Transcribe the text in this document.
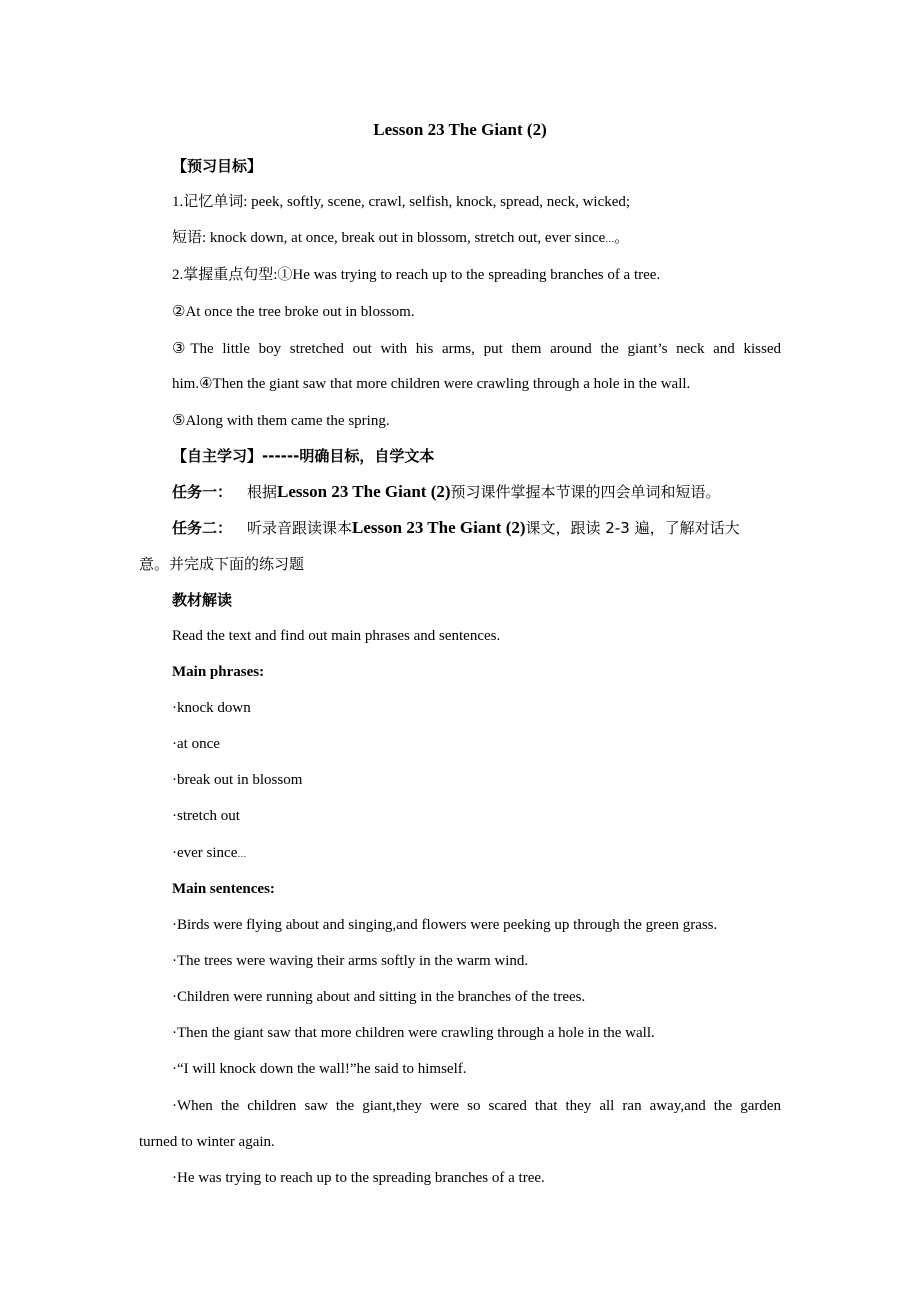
Lesson 23 The Giant (2)
【预习目标】
1.记忆单词: peek, softly, scene, crawl, selfish, knock, spread, neck, wicked;
短语: knock down, at once, break out in blossom, stretch out, ever since…。
2.掌握重点句型:①He was trying to reach up to the spreading branches of a tree.
②At once the tree broke out in blossom.
③The little boy stretched out with his arms, put them around the giant’s neck and kissed
him.④Then the giant saw that more children were crawling through a hole in the wall.
⑤Along with them came the spring.
【自主学习】------明确目标，自学文本
任务一： 根据Lesson 23 The Giant (2)预习课件掌握本节课的四会单词和短语。
任务二： 听录音跟读课本Lesson 23 The Giant (2)课文，跟读 2-3 遍，了解对话大
意。并完成下面的练习题
教材解读
Read the text and find out main phrases and sentences.
Main phrases:
·knock down
·at once
·break out in blossom
·stretch out
·ever since…
Main sentences:
·Birds were flying about and singing,and flowers were peeking up through the green grass.
·The trees were waving their arms softly in the warm wind.
·Children were running about and sitting in the branches of the trees.
·Then the giant saw that more children were crawling through a hole in the wall.
·“I will knock down the wall!”he said to himself.
·When the children saw the giant,they were so scared that they all ran away,and the garden
turned to winter again.
·He was trying to reach up to the spreading branches of a tree.
